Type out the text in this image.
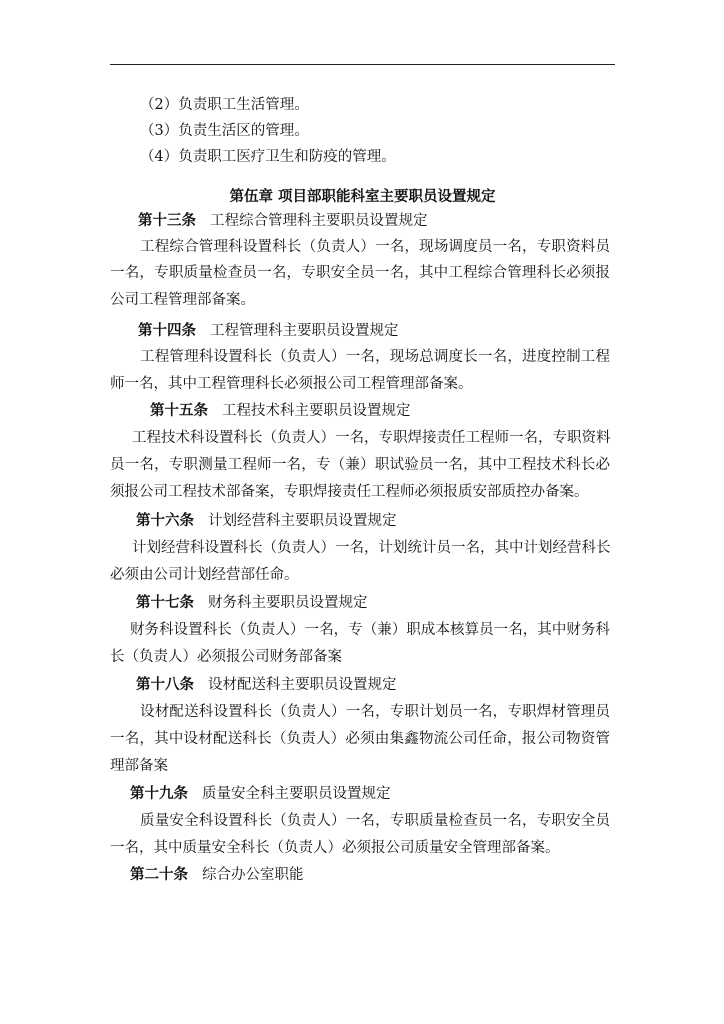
（2）负责职工生活管理。
（3）负责生活区的管理。
（4）负责职工医疗卫生和防疫的管理。
第伍章 项目部职能科室主要职员设置规定
第十三条 工程综合管理科主要职员设置规定
工程综合管理科设置科长（负责人）一名，现场调度员一名，专职资料员
一名，专职质量检查员一名，专职安全员一名，其中工程综合管理科长必须报
公司工程管理部备案。
第十四条 工程管理科主要职员设置规定
工程管理科设置科长（负责人）一名，现场总调度长一名，进度控制工程
师一名，其中工程管理科长必须报公司工程管理部备案。
第十五条 工程技术科主要职员设置规定
工程技术科设置科长（负责人）一名，专职焊接责任工程师一名，专职资料
员一名，专职测量工程师一名，专（兼）职试验员一名，其中工程技术科长必
须报公司工程技术部备案，专职焊接责任工程师必须报质安部质控办备案。
第十六条 计划经营科主要职员设置规定
计划经营科设置科长（负责人）一名，计划统计员一名，其中计划经营科长
必须由公司计划经营部任命。
第十七条 财务科主要职员设置规定
财务科设置科长（负责人）一名，专（兼）职成本核算员一名，其中财务科
长（负责人）必须报公司财务部备案
第十八条 设材配送科主要职员设置规定
设材配送科设置科长（负责人）一名，专职计划员一名，专职焊材管理员
一名，其中设材配送科长（负责人）必须由集鑫物流公司任命，报公司物资管
理部备案
第十九条 质量安全科主要职员设置规定
质量安全科设置科长（负责人）一名，专职质量检查员一名，专职安全员
一名，其中质量安全科长（负责人）必须报公司质量安全管理部备案。
第二十条 综合办公室职能
